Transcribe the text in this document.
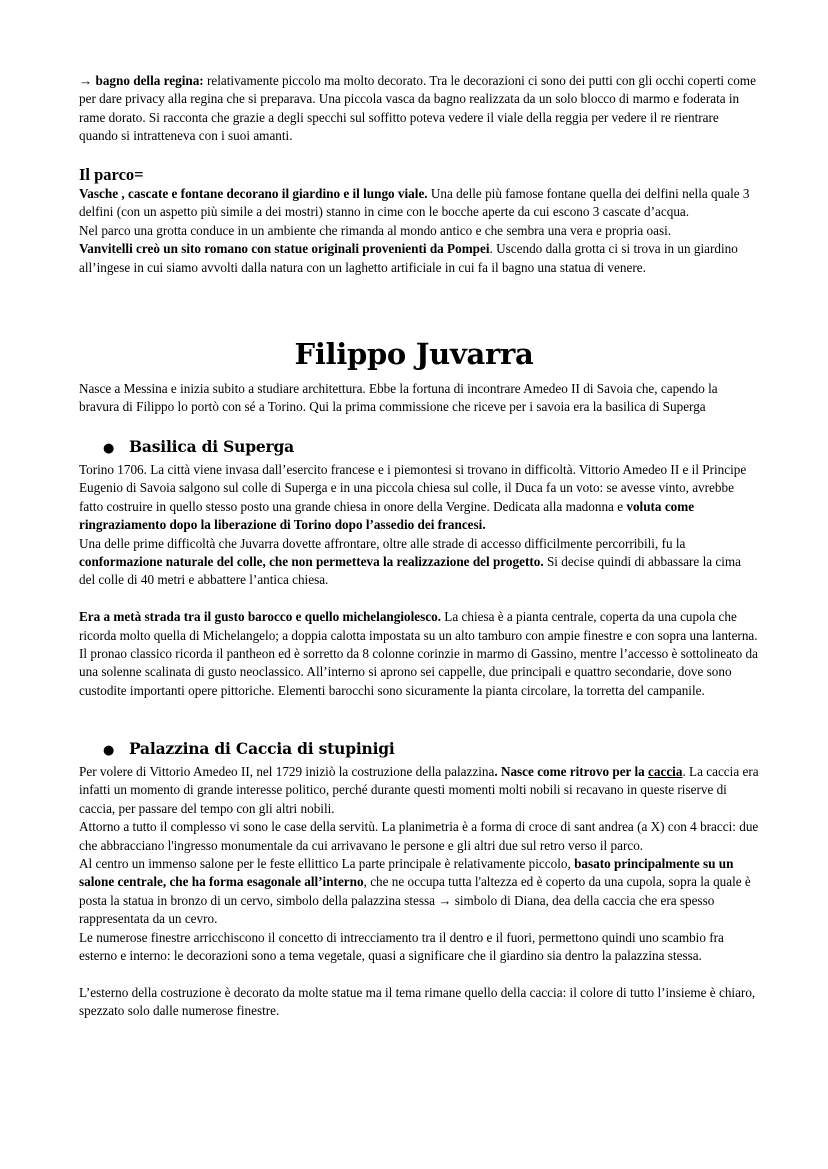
→ bagno della regina: relativamente piccolo ma molto decorato. Tra le decorazioni ci sono dei putti con gli occhi coperti come per dare privacy alla regina che si preparava. Una piccola vasca da bagno realizzata da un solo blocco di marmo e foderata in rame dorato. Si racconta che grazie a degli specchi sul soffitto poteva vedere il viale della reggia per vedere il re rientrare quando si intratteneva con i suoi amanti.

Il parco=

Vasche , cascate e fontane decorano il giardino e il lungo viale. Una delle più famose fontane quella dei delfini nella quale 3 delfini (con un aspetto più simile a dei mostri) stanno in cime con le bocche aperte da cui escono 3 cascate d’acqua.

Nel parco una grotta conduce in un ambiente che rimanda al mondo antico e che sembra una vera e propria oasi.

Vanvitelli creò un sito romano con statue originali provenienti da Pompei. Uscendo dalla grotta ci si trova in un giardino all’ingese in cui siamo avvolti dalla natura con un laghetto artificiale in cui fa il bagno una statua di venere.

Filippo Juvarra

Nasce a Messina e inizia subito a studiare architettura. Ebbe la fortuna di incontrare Amedeo II di Savoia che, capendo la bravura di Filippo lo portò con sé a Torino. Qui la prima commissione che riceve per i savoia era la basilica di Superga

● Basilica di Superga

Torino 1706. La città viene invasa dall’esercito francese e i piemontesi si trovano in difficoltà. Vittorio Amedeo II e il Principe Eugenio di Savoia salgono sul colle di Superga e in una piccola chiesa sul colle, il Duca fa un voto: se avesse vinto, avrebbe fatto costruire in quello stesso posto una grande chiesa in onore della Vergine. Dedicata alla madonna e voluta come ringraziamento dopo la liberazione di Torino dopo l’assedio dei francesi.

Una delle prime difficoltà che Juvarra dovette affrontare, oltre alle strade di accesso difficilmente percorribili, fu la conformazione naturale del colle, che non permetteva la realizzazione del progetto. Si decise quindi di abbassare la cima del colle di 40 metri e abbattere l’antica chiesa.

Era a metà strada tra il gusto barocco e quello michelangiolesco. La chiesa è a pianta centrale, coperta da una cupola che ricorda molto quella di Michelangelo; a doppia calotta impostata su un alto tamburo con ampie finestre e con sopra una lanterna. Il pronao classico ricorda il pantheon ed è sorretto da 8 colonne corinzie in marmo di Gassino, mentre l’accesso è sottolineato da una solenne scalinata di gusto neoclassico. All’interno si aprono sei cappelle, due principali e quattro secondarie, dove sono custodite importanti opere pittoriche. Elementi barocchi sono sicuramente la pianta circolare, la torretta del campanile.

● Palazzina di Caccia di stupinigi

Per volere di Vittorio Amedeo II, nel 1729 iniziò la costruzione della palazzina. Nasce come ritrovo per la caccia. La caccia era infatti un momento di grande interesse politico, perché durante questi momenti molti nobili si recavano in queste riserve di caccia, per passare del tempo con gli altri nobili.

Attorno a tutto il complesso vi sono le case della servitù. La planimetria è a forma di croce di sant andrea (a X) con 4 bracci: due che abbracciano l'ingresso monumentale da cui arrivavano le persone e gli altri due sul retro verso il parco.

Al centro un immenso salone per le feste ellittico La parte principale è relativamente piccolo, basato principalmente su un salone centrale, che ha forma esagonale all’interno, che ne occupa tutta l'altezza ed è coperto da una cupola, sopra la quale è posta la statua in bronzo di un cervo, simbolo della palazzina stessa → simbolo di Diana, dea della caccia che era spesso rappresentata da un cevro.

Le numerose finestre arricchiscono il concetto di intrecciamento tra il dentro e il fuori, permettono quindi uno scambio fra esterno e interno: le decorazioni sono a tema vegetale, quasi a significare che il giardino sia dentro la palazzina stessa.

L’esterno della costruzione è decorato da molte statue ma il tema rimane quello della caccia: il colore di tutto l’insieme è chiaro, spezzato solo dalle numerose finestre.
